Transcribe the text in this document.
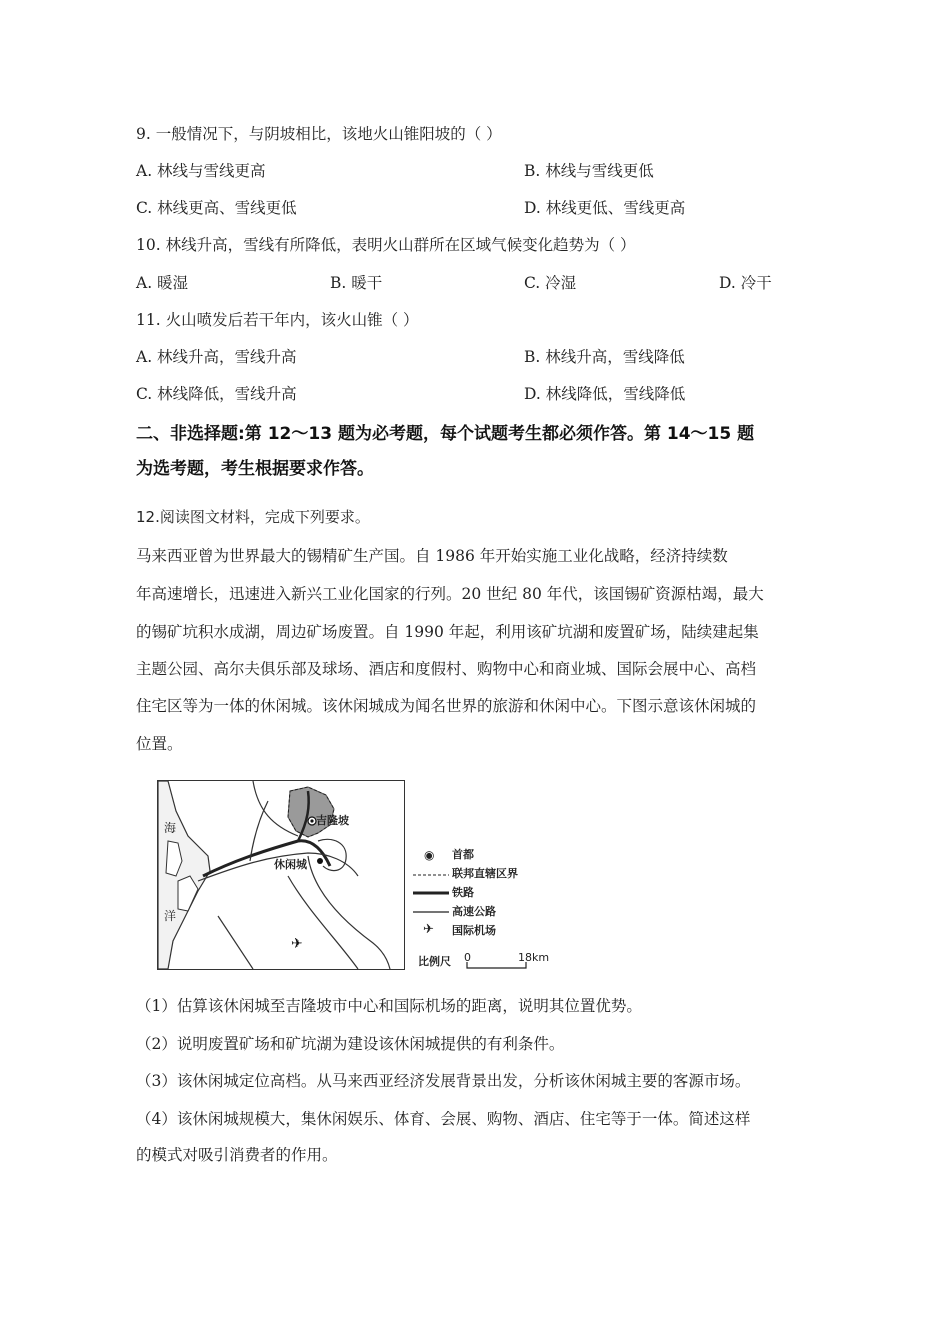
9. 一般情况下，与阴坡相比，该地火山锥阳坡的（ ）
A. 林线与雪线更高	B. 林线与雪线更低
C. 林线更高、雪线更低	D. 林线更低、雪线更高
10. 林线升高，雪线有所降低，表明火山群所在区域气候变化趋势为（ ）
A. 暖湿	B. 暖干	C. 冷湿	D. 冷干
11. 火山喷发后若干年内，该火山锥（ ）
A. 林线升高，雪线升高	B. 林线升高，雪线降低
C. 林线降低，雪线升高	D. 林线降低，雪线降低
二、非选择题:第 12～13 题为必考题，每个试题考生都必须作答。第 14～15 题
为选考题，考生根据要求作答。
12.阅读图文材料，完成下列要求。
马来西亚曾为世界最大的锡精矿生产国。自 1986 年开始实施工业化战略，经济持续数
年高速增长，迅速进入新兴工业化国家的行列。20 世纪 80 年代，该国锡矿资源枯竭，最大
的锡矿坑积水成湖，周边矿场废置。自 1990 年起，利用该矿坑湖和废置矿场，陆续建起集
主题公园、高尔夫俱乐部及球场、酒店和度假村、购物中心和商业城、国际会展中心、高档
住宅区等为一体的休闲城。该休闲城成为闻名世界的旅游和休闲中心。下图示意该休闲城的
位置。
✈
海
洋
吉隆坡
休闲城
◉ 首都
联邦直辖区界
铁路
高速公路
✈ 国际机场
比例尺 0	18km
（1）估算该休闲城至吉隆坡市中心和国际机场的距离，说明其位置优势。
（2）说明废置矿场和矿坑湖为建设该休闲城提供的有利条件。
（3）该休闲城定位高档。从马来西亚经济发展背景出发，分析该休闲城主要的客源市场。
（4）该休闲城规模大，集休闲娱乐、体育、会展、购物、酒店、住宅等于一体。简述这样
的模式对吸引消费者的作用。
